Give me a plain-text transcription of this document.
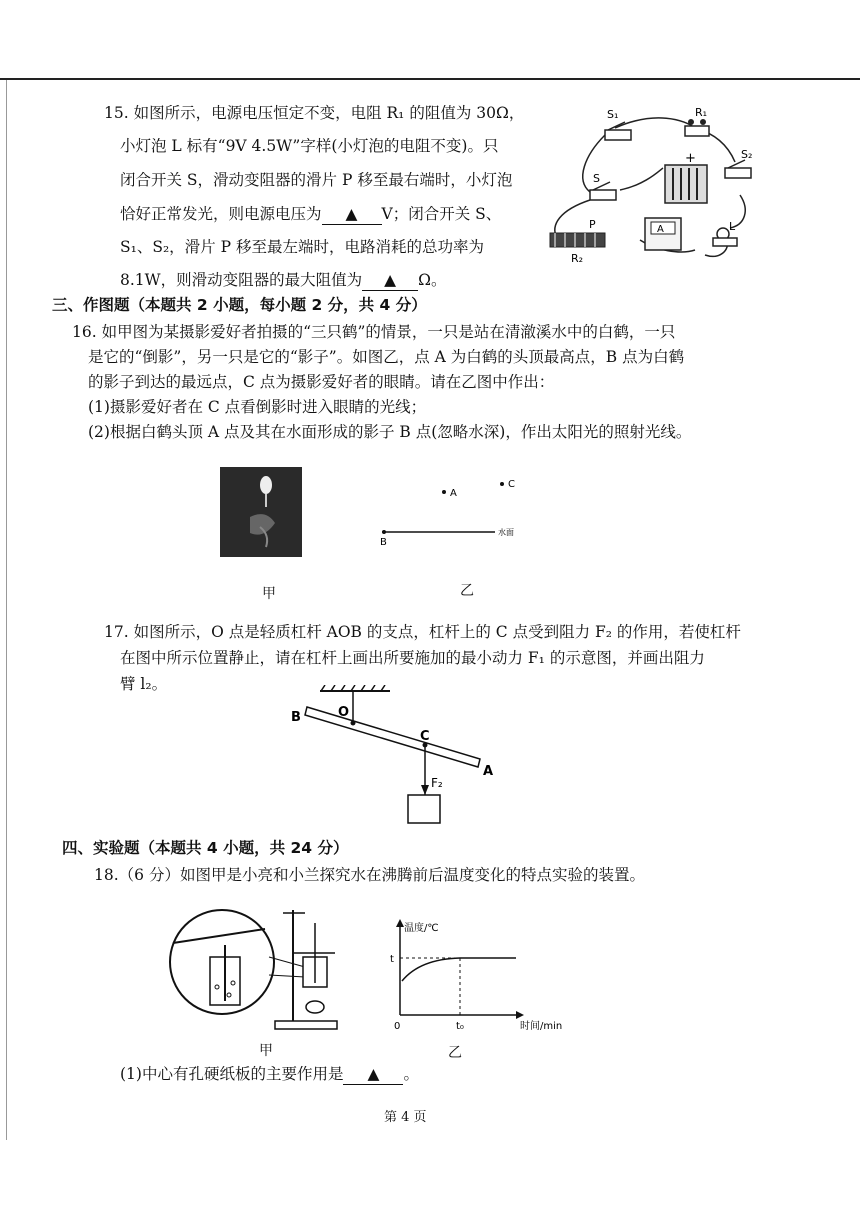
15. 如图所示，电源电压恒定不变，电阻 R₁ 的阻值为 30Ω，
小灯泡 L 标有“9V 4.5W”字样(小灯泡的电阻不变)。只
闭合开关 S，滑动变阻器的滑片 P 移至最右端时，小灯泡
恰好正常发光，则电源电压为 ▲ V；闭合开关 S、
S₁、S₂，滑片 P 移至最左端时，电路消耗的总功率为
8.1W，则滑动变阻器的最大阻值为 ▲ Ω。
S₁	R₁
S₂
S
+
A
P
R₂
L
三、作图题（本题共 2 小题，每小题 2 分，共 4 分）
16. 如甲图为某摄影爱好者拍摄的“三只鹤”的情景，一只是站在清澈溪水中的白鹤，一只
是它的“倒影”，另一只是它的“影子”。如图乙，点 A 为白鹤的头顶最高点，B 点为白鹤
的影子到达的最远点，C 点为摄影爱好者的眼睛。请在乙图中作出：
(1)摄影爱好者在 C 点看倒影时进入眼睛的光线；
(2)根据白鹤头顶 A 点及其在水面形成的影子 B 点(忽略水深)，作出太阳光的照射光线。
甲
A
C
B
水面
乙
17. 如图所示，O 点是轻质杠杆 AOB 的支点，杠杆上的 C 点受到阻力 F₂ 的作用，若使杠杆
在图中所示位置静止，请在杠杆上画出所要施加的最小动力 F₁ 的示意图，并画出阻力
臂 l₂。
B	O
C
A
F₂
四、实验题（本题共 4 小题，共 24 分）
18.（6 分）如图甲是小亮和小兰探究水在沸腾前后温度变化的特点实验的装置。
甲
温度/℃
t
0	t₀	时间/min
乙
(1)中心有孔硬纸板的主要作用是 ▲ 。
第 4 页
